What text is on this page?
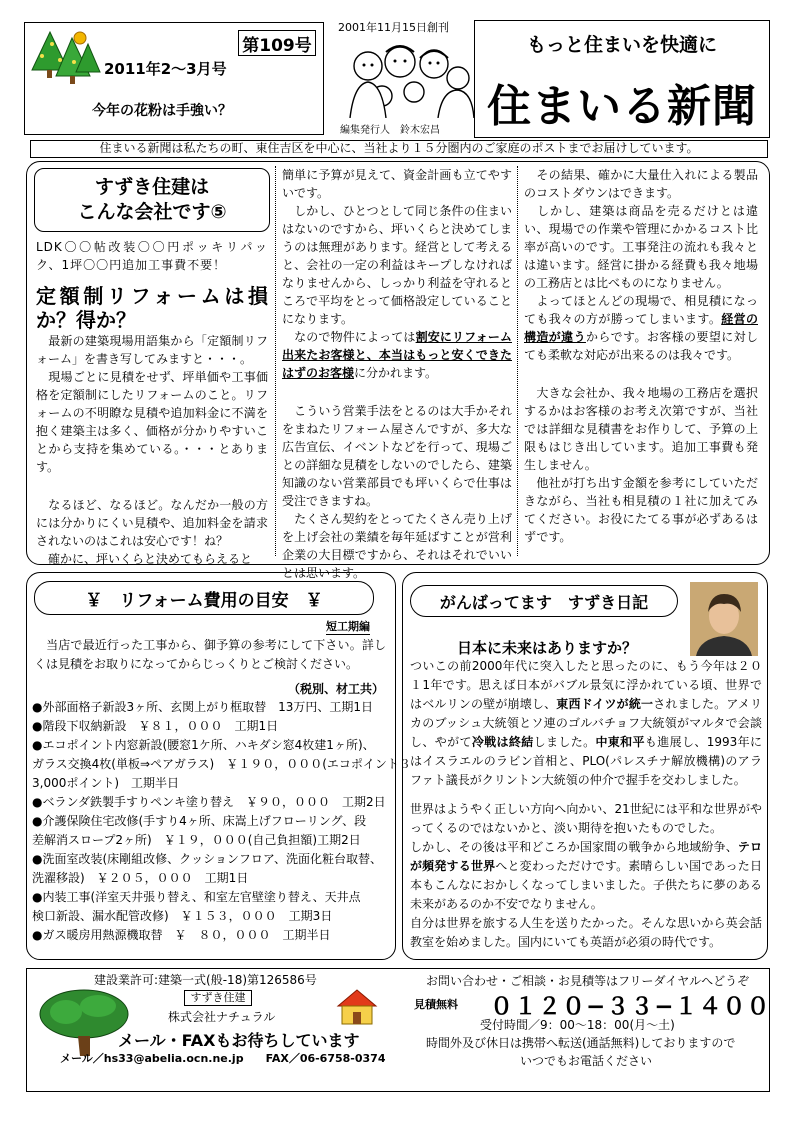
第109号
2011年2〜3月号
今年の花粉は手強い？
2001年11月15日創刊
編集発行人　鈴木宏昌
もっと住まいを快適に
住まいる新聞
住まいる新聞は私たちの町、東住吉区を中心に、当社より１５分圏内のご家庭のポストまでお届けしています。
すずき住建は
こんな会社です⑤

LDK〇〇帖改装〇〇円ポッキリパック、1坪〇〇円追加工事費不要！

定額制リフォームは損か？得か？

　最新の建築現場用語集から「定額制リフォーム」を書き写してみますと・・・。

　現場ごとに見積をせず、坪単価や工事価格を定額制にしたリフォームのこと。リフォームの不明瞭な見積や追加料金に不満を抱く建築主は多く、価格が分かりやすいことから支持を集めている。・・・とあります。

　なるほど、なるほど。なんだか一般の方には分かりにくい見積や、追加料金を請求されないのはこれは安心です！ね？

　確かに、坪いくらと決めてもらえると

簡単に予算が見えて、資金計画も立てやすいです。

　しかし、ひとつとして同じ条件の住まいはないのですから、坪いくらと決めてしまうのは無理があります。経営として考えると、会社の一定の利益はキープしなければなりませんから、しっかり利益を守れるところで平均をとって価格設定していることになります。

　なので物件によっては割安にリフォーム出来たお客様と、本当はもっと安くできたはずのお客様に分かれます。

　こういう営業手法をとるのは大手かそれをまねたリフォーム屋さんですが、多大な広告宣伝、イベントなどを行って、現場ごとの詳細な見積をしないのでしたら、建築知識のない営業部員でも坪いくらで仕事は受注できますね。

　たくさん契約をとってたくさん売り上げを上げ会社の業績を毎年延ばすことが営利企業の大目標ですから、それはそれでいいとは思います。

　その結果、確かに大量仕入れによる製品のコストダウンはできます。

　しかし、建築は商品を売るだけとは違い、現場での作業や管理にかかるコスト比率が高いのです。工事発注の流れも我々とは違います。経営に掛かる経費も我々地場の工務店とは比べものになりません。

　よってほとんどの現場で、相見積になっても我々の方が勝ってしまいます。経営の構造が違うからです。お客様の要望に対しても柔軟な対応が出来るのは我々です。

　大きな会社か、我々地場の工務店を選択するかはお客様のお考え次第ですが、当社では詳細な見積書をお作りして、予算の上限もはじき出しています。追加工事費も発生しません。

　他社が打ち出す金額を参考にしていただきながら、当社も相見積の１社に加えてみてください。お役にたてる事が必ずあるはずです。

￥　リフォーム費用の目安　￥
短工期編
　当店で最近行った工事から、御予算の参考にして下さい。詳しくは見積をお取りになってからじっくりとご検討ください。
（税別、材工共）
●外部面格子新設3ヶ所、玄関上がり框取替　13万円、工期1日
●階段下収納新設　￥８１，０００　工期1日
●エコポイント内窓新設(腰窓1ケ所、ハキダシ窓4枚建1ヶ所)、
ガラス交換4枚(単板⇒ペアガラス)　￥１９０，０００(エコポイント３
3,000ポイント)　工期半日
●ベランダ鉄製手すりペンキ塗り替え　￥９０，０００　工期2日
●介護保険住宅改修(手すり4ヶ所、床嵩上げフローリング、段
差解消スロープ2ヶ所)　￥１９，０００(自己負担額)工期2日
●洗面室改装(床剛組改修、クッションフロア、洗面化粧台取替、
洗濯移設)　￥２０５，０００　工期1日
●内装工事(洋室天井張り替え、和室左官壁塗り替え、天井点
検口新設、漏水配管改修)　￥１５３，０００　工期3日
●ガス暖房用熱源機取替　￥　８０，０００　工期半日
がんばってます　すずき日記
日本に未来はありますか？

ついこの前2000年代に突入したと思ったのに、もう今年は２０１1年です。思えば日本がバブル景気に浮かれている頃、世界ではベルリンの壁が崩壊し、東西ドイツが統一されました。アメリカのブッシュ大統領とソ連のゴルバチョフ大統領がマルタで会談し、やがて冷戦は終結しました。中東和平も進展し、1993年にはイスラエルのラビン首相と、PLO(パレスチナ解放機構)のアラファト議長がクリントン大統領の仲介で握手を交わしました。

世界はようやく正しい方向へ向かい、21世紀には平和な世界がやってくるのではないかと、淡い期待を抱いたものでした。

しかし、その後は平和どころか国家間の戦争から地域紛争、テロが頻発する世界へと変わっただけです。素晴らしい国であった日本もこんなにおかしくなってしまいました。子供たちに夢のある未来があるのか不安でなりません。

自分は世界を旅する人生を送りたかった。そんな思いから英会話教室を始めました。国内にいても英語が必須の時代です。

建設業許可:建築一式(般-18)第126586号
すずき住建
株式会社ナチュラル
メール・FAXもお待ちしています
メール／hs33@abelia.ocn.ne.jp　　FAX／06-6758-0374
お問い合わせ・ご相談・お見積等はフリーダイヤルへどうぞ
見積無料 ０１２０−３３−１４００
受付時間／9：00〜18：00(月〜土)
時間外及び休日は携帯へ転送(通話無料)しておりますので
いつでもお電話ください
